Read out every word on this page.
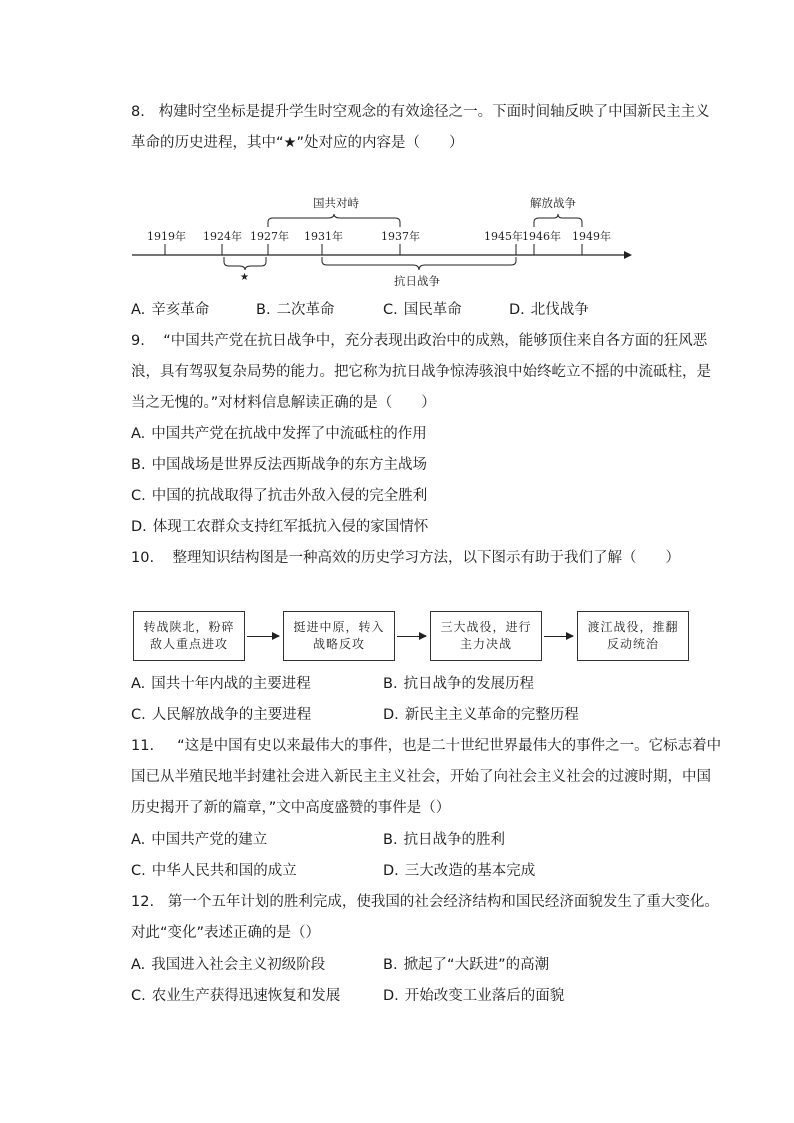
8. 构建时空坐标是提升学生时空观念的有效途径之一。下面时间轴反映了中国新民主主义
革命的历史进程，其中“★”处对应的内容是（　　）
1919年 1924年 1927年 1931年	1937年	1945年 1946年 1949年
国共对峙	解放战争
抗日战争
★
A. 辛亥革命	B. 二次革命	C. 国民革命	D. 北伐战争
9. “中国共产党在抗日战争中，充分表现出政治中的成熟，能够顶住来自各方面的狂风恶
浪，具有驾驭复杂局势的能力。把它称为抗日战争惊涛骇浪中始终屹立不摇的中流砥柱，是
当之无愧的。”对材料信息解读正确的是（　　）
A. 中国共产党在抗战中发挥了中流砥柱的作用
B. 中国战场是世界反法西斯战争的东方主战场
C. 中国的抗战取得了抗击外敌入侵的完全胜利
D. 体现工农群众支持红军抵抗入侵的家国情怀
10. 整理知识结构图是一种高效的历史学习方法，以下图示有助于我们了解（　　）
转战陕北，粉碎敌人重点进攻
挺进中原，转入战略反攻
三大战役，进行主力决战
渡江战役，推翻反动统治
A. 国共十年内战的主要进程	B. 抗日战争的发展历程
C. 人民解放战争的主要进程	D. 新民主主义革命的完整历程
11. “这是中国有史以来最伟大的事件，也是二十世纪世界最伟大的事件之一。它标志着中
国已从半殖民地半封建社会进入新民主主义社会，开始了向社会主义社会的过渡时期，中国
历史揭开了新的篇章，”文中高度盛赞的事件是（）
A. 中国共产党的建立	B. 抗日战争的胜利
C. 中华人民共和国的成立	D. 三大改造的基本完成
12. 第一个五年计划的胜利完成，使我国的社会经济结构和国民经济面貌发生了重大变化。
对此“变化”表述正确的是（）
A. 我国进入社会主义初级阶段	B. 掀起了“大跃进”的高潮
C. 农业生产获得迅速恢复和发展	D. 开始改变工业落后的面貌
